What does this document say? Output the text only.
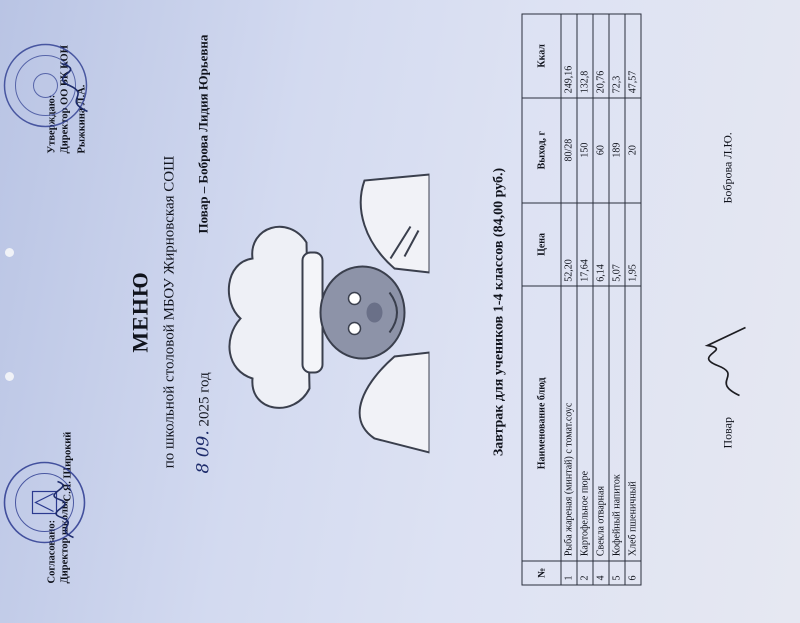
Согласовано: Директор школы
С.Я. Широкий
Утверждаю: Директор ОО БК КОН Рыжкина Л.А.
МЕНЮ по школьной столовой МБОУ Жирновская СОШ 8 09. 2025 год
Повар – Боброва Лидия Юрьевна
Завтрак для учеников 1-4 классов (84,00 руб.)
№	Наименование блюд	Цена	Выход, г	Ккал
1	Рыба жареная (минтай) с томат.соус	52,20	80/28	249,16
2	Картофельное пюре	17,64	150	132,8
4	Свекла отварная	6,14	60	20,76
5	Кофейный напиток	5,07	189	72,3
6	Хлеб пшеничный	1,95	20	47,57
Повар
Боброва Л.Ю.
